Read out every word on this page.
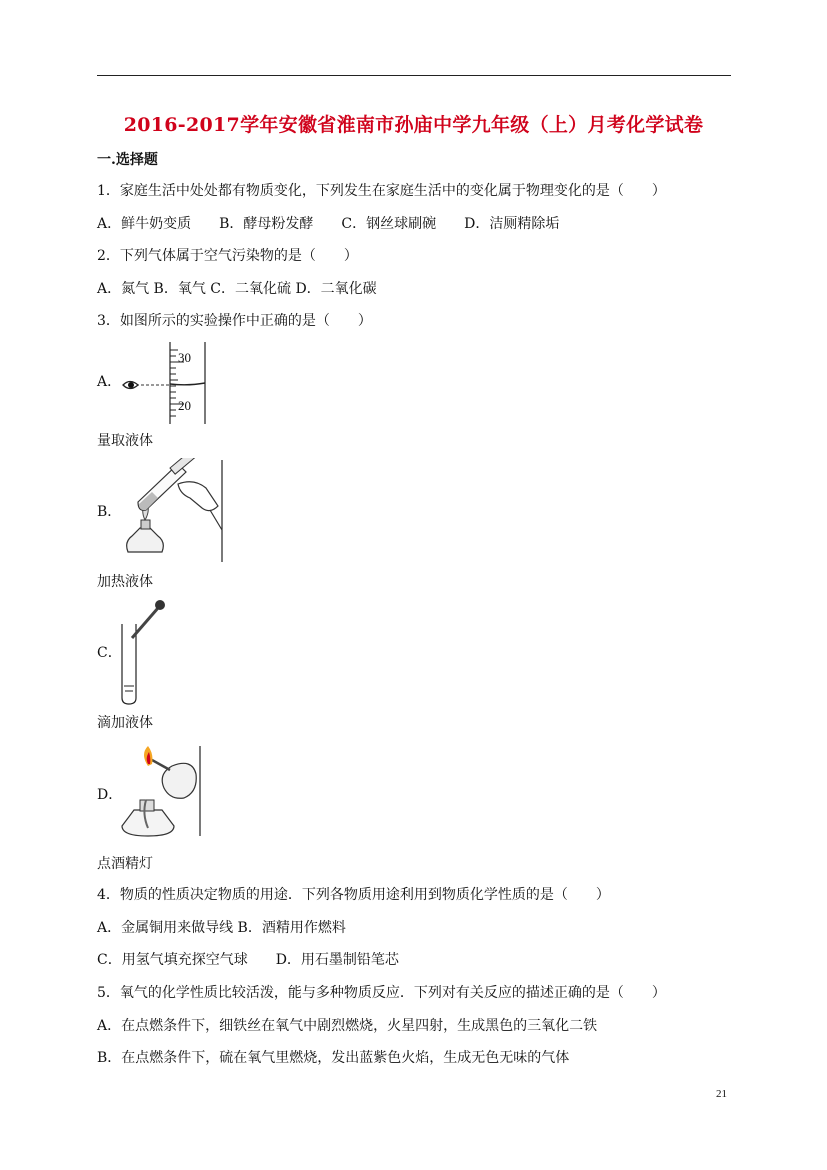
2016-2017学年安徽省淮南市孙庙中学九年级（上）月考化学试卷
一.选择题
1．家庭生活中处处都有物质变化，下列发生在家庭生活中的变化属于物理变化的是（　　）
A．鲜牛奶变质　　B．酵母粉发酵　　C．钢丝球刷碗　　D．洁厕精除垢
2．下列气体属于空气污染物的是（　　）
A．氮气 B．氧气 C．二氧化硫 D．二氧化碳
3．如图所示的实验操作中正确的是（　　）
A．
30
20
量取液体
B．
加热液体
C．
滴加液体
D．
点酒精灯
4．物质的性质决定物质的用途．下列各物质用途利用到物质化学性质的是（　　）
A．金属铜用来做导线 B．酒精用作燃料
C．用氢气填充探空气球　　D．用石墨制铅笔芯
5．氧气的化学性质比较活泼，能与多种物质反应．下列对有关反应的描述正确的是（　　）
A．在点燃条件下，细铁丝在氧气中剧烈燃烧，火星四射，生成黑色的三氧化二铁
B．在点燃条件下，硫在氧气里燃烧，发出蓝紫色火焰，生成无色无味的气体
21
